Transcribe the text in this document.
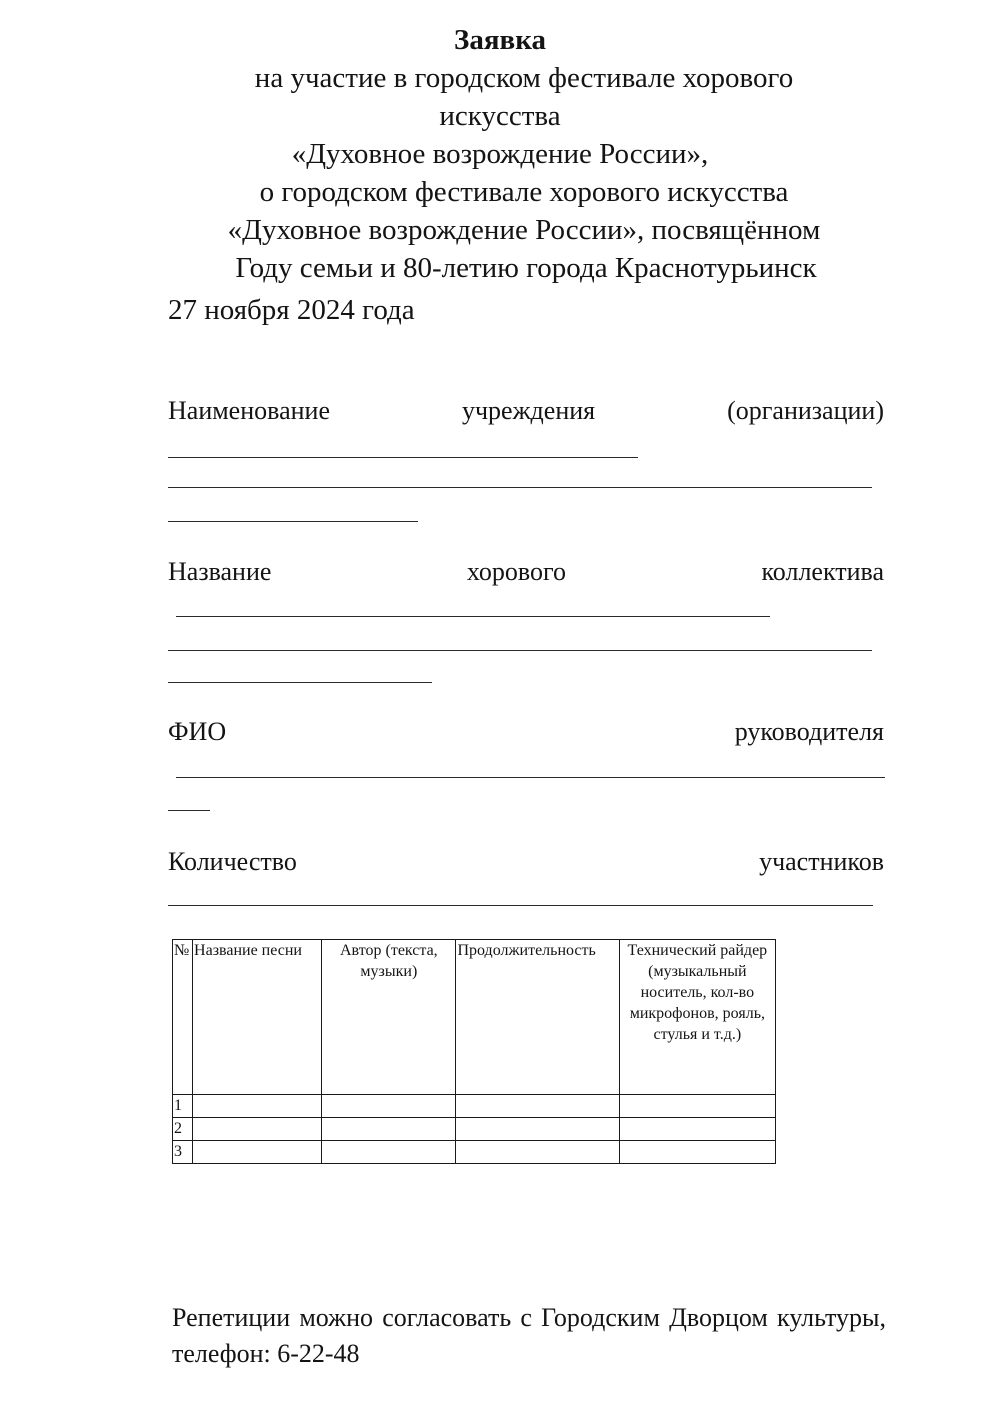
Заявка
на участие в городском фестивале хорового
искусства
«Духовное возрождение России»,
о городском фестивале хорового искусства
«Духовное возрождение России», посвящённом
Году семьи и 80-летию города Краснотурьинск
27 ноября 2024 года
Наименование	учреждения	(организации)
Название	хорового	коллектива
ФИО	руководителя
Количество	участников
№	Название песни	Автор (текста, музыки)	Продолжительность	Технический райдер (музыкальный носитель, кол-во микрофонов, рояль, стулья и т.д.)
1				
2				
3				
Репетиции можно согласовать с Городским Дворцом культуры, телефон: 6-22-48
